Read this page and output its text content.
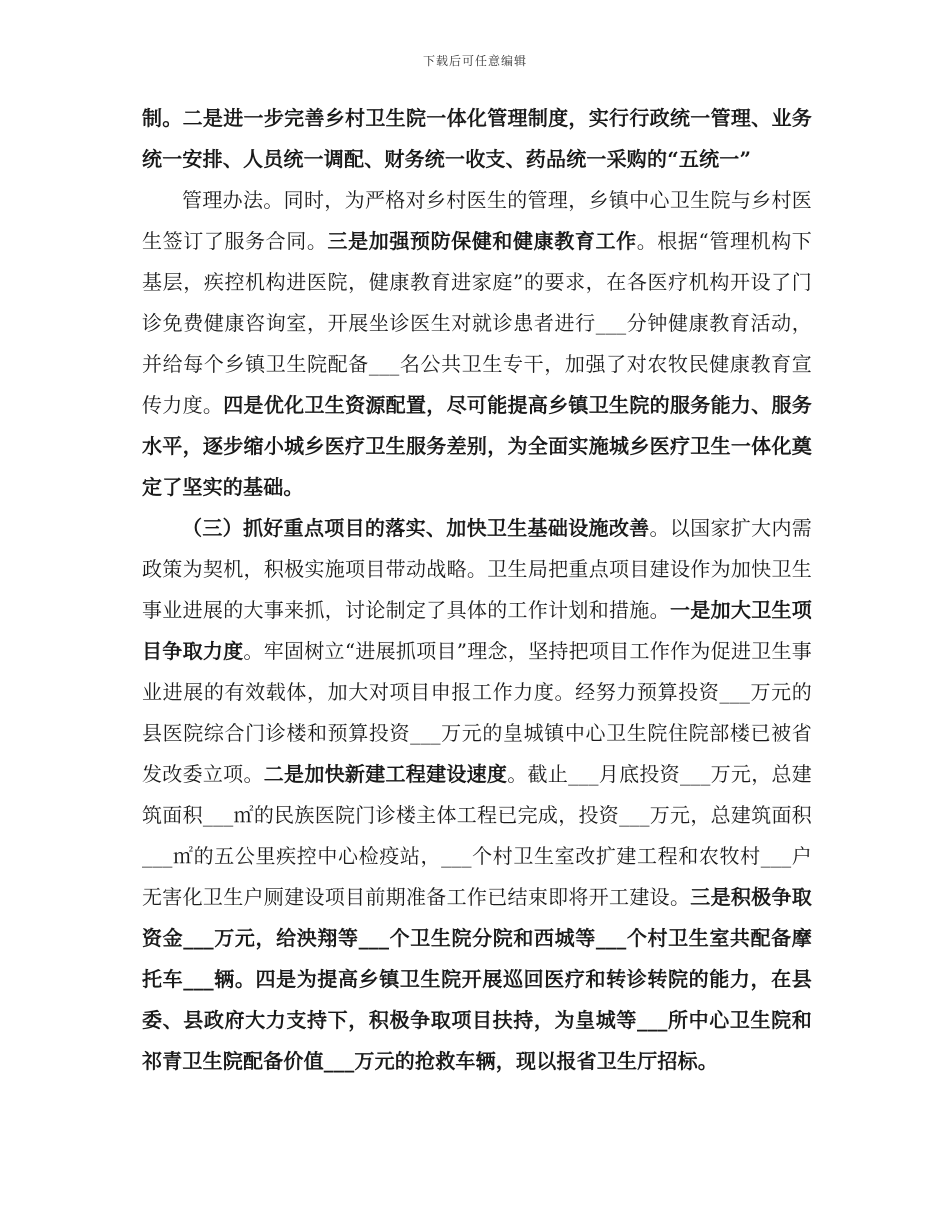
下载后可任意编辑

制。二是进一步完善乡村卫生院一体化管理制度，实行行政统一管理、业务统一安排、人员统一调配、财务统一收支、药品统一采购的“五统一”

管理办法。同时，为严格对乡村医生的管理，乡镇中心卫生院与乡村医生签订了服务合同。三是加强预防保健和健康教育工作。根据“管理机构下基层，疾控机构进医院，健康教育进家庭”的要求，在各医疗机构开设了门诊免费健康咨询室，开展坐诊医生对就诊患者进行___分钟健康教育活动，并给每个乡镇卫生院配备___名公共卫生专干，加强了对农牧民健康教育宣传力度。四是优化卫生资源配置，尽可能提高乡镇卫生院的服务能力、服务水平，逐步缩小城乡医疗卫生服务差别，为全面实施城乡医疗卫生一体化奠定了坚实的基础。

（三）抓好重点项目的落实、加快卫生基础设施改善。以国家扩大内需政策为契机，积极实施项目带动战略。卫生局把重点项目建设作为加快卫生事业进展的大事来抓，讨论制定了具体的工作计划和措施。一是加大卫生项目争取力度。牢固树立“进展抓项目”理念，坚持把项目工作作为促进卫生事业进展的有效载体，加大对项目申报工作力度。经努力预算投资___万元的县医院综合门诊楼和预算投资___万元的皇城镇中心卫生院住院部楼已被省发改委立项。二是加快新建工程建设速度。截止___月底投资___万元，总建筑面积___㎡的民族医院门诊楼主体工程已完成，投资___万元，总建筑面积___㎡的五公里疾控中心检疫站，___个村卫生室改扩建工程和农牧村___户无害化卫生户厕建设项目前期准备工作已结束即将开工建设。三是积极争取资金___万元，给泱翔等___个卫生院分院和西城等___个村卫生室共配备摩托车___辆。四是为提高乡镇卫生院开展巡回医疗和转诊转院的能力，在县委、县政府大力支持下，积极争取项目扶持，为皇城等___所中心卫生院和祁青卫生院配备价值___万元的抢救车辆，现以报省卫生厅招标。
